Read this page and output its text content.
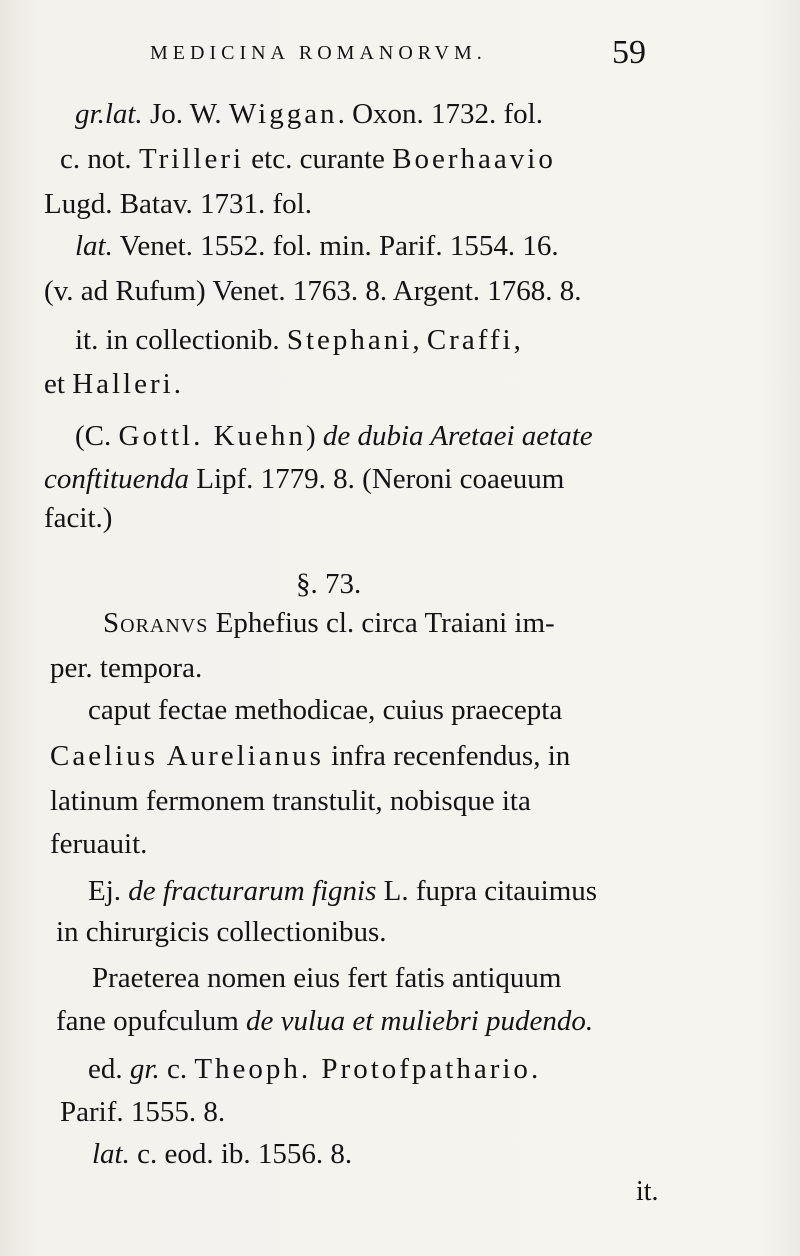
MEDICINA ROMANORVM.	59
gr.lat. Jo. W. Wiggan. Oxon. 1732. fol.
c. not. Trilleri etc. curante Boerhaavio
Lugd. Batav. 1731. fol.
lat. Venet. 1552. fol. min. Parif. 1554. 16.
(v. ad Rufum) Venet. 1763. 8. Argent. 1768. 8.
it. in collectionib. Stephani, Craffi,
et Halleri.
(C. Gottl. Kuehn) de dubia Aretaei aetate
conftituenda Lipf. 1779. 8. (Neroni coaeuum
facit.)
§. 73.
Soranvs Ephefius cl. circa Traiani im-
per. tempora.
caput fectae methodicae, cuius praecepta
Caelius Aurelianus infra recenfendus, in
latinum fermonem transtulit, nobisque ita
feruauit.
Ej. de fracturarum fignis L. fupra citauimus
in chirurgicis collectionibus.
Praeterea nomen eius fert fatis antiquum
fane opufculum de vulua et muliebri pudendo.
ed. gr. c. Theoph. Protofpathario.
Parif. 1555. 8.
lat. c. eod. ib. 1556. 8.
it.
